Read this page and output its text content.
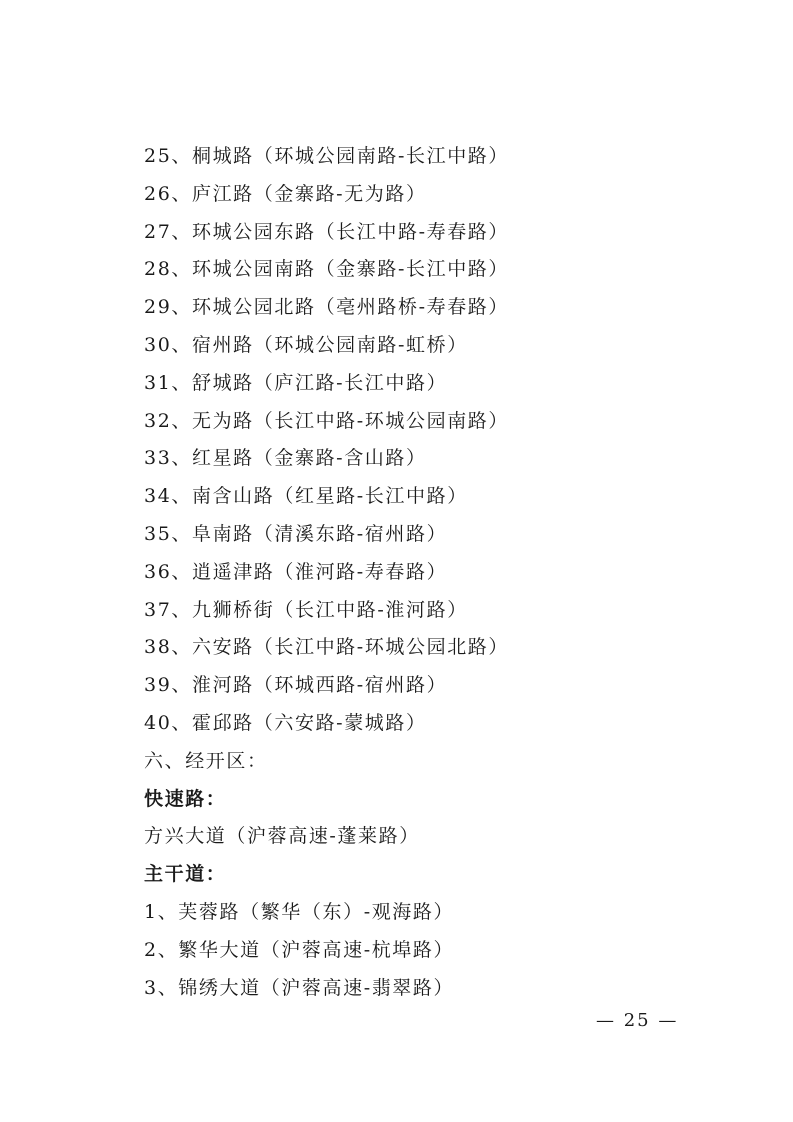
25、桐城路（环城公园南路-长江中路）
26、庐江路（金寨路-无为路）
27、环城公园东路（长江中路-寿春路）
28、环城公园南路（金寨路-长江中路）
29、环城公园北路（亳州路桥-寿春路）
30、宿州路（环城公园南路-虹桥）
31、舒城路（庐江路-长江中路）
32、无为路（长江中路-环城公园南路）
33、红星路（金寨路-含山路）
34、南含山路（红星路-长江中路）
35、阜南路（清溪东路-宿州路）
36、逍遥津路（淮河路-寿春路）
37、九狮桥街（长江中路-淮河路）
38、六安路（长江中路-环城公园北路）
39、淮河路（环城西路-宿州路）
40、霍邱路（六安路-蒙城路）
六、经开区：
快速路：
方兴大道（沪蓉高速-蓬莱路）
主干道：
1、芙蓉路（繁华（东）-观海路）
2、繁华大道（沪蓉高速-杭埠路）
3、锦绣大道（沪蓉高速-翡翠路）
— 25 —
